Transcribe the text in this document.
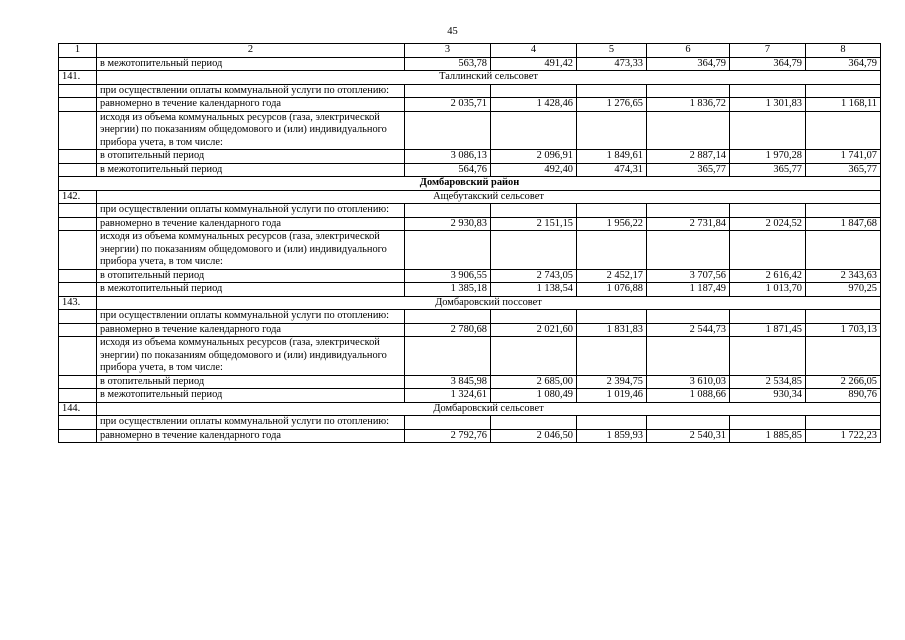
45
1	2	3	4	5	6	7	8
	в межотопительный период	563,78	491,42	473,33	364,79	364,79	364,79
141.	Таллинский сельсовет						
	при осуществлении оплаты коммунальной услуги по отоплению:						
	равномерно в течение календарного года	2 035,71	1 428,46	1 276,65	1 836,72	1 301,83	1 168,11
	исходя из объема коммунальных ресурсов (газа, электрической энергии) по показаниям общедомового и (или) индивидуального прибора учета, в том числе:						
	в отопительный период	3 086,13	2 096,91	1 849,61	2 887,14	1 970,28	1 741,07
	в межотопительный период	564,76	492,40	474,31	365,77	365,77	365,77
Домбаровский район							
142.	Ащебутакский сельсовет						
	при осуществлении оплаты коммунальной услуги по отоплению:						
	равномерно в течение календарного года	2 930,83	2 151,15	1 956,22	2 731,84	2 024,52	1 847,68
	исходя из объема коммунальных ресурсов (газа, электрической энергии) по показаниям общедомового и (или) индивидуального прибора учета, в том числе:						
	в отопительный период	3 906,55	2 743,05	2 452,17	3 707,56	2 616,42	2 343,63
	в межотопительный период	1 385,18	1 138,54	1 076,88	1 187,49	1 013,70	970,25
143.	Домбаровский поссовет						
	при осуществлении оплаты коммунальной услуги по отоплению:						
	равномерно в течение календарного года	2 780,68	2 021,60	1 831,83	2 544,73	1 871,45	1 703,13
	исходя из объема коммунальных ресурсов (газа, электрической энергии) по показаниям общедомового и (или) индивидуального прибора учета, в том числе:						
	в отопительный период	3 845,98	2 685,00	2 394,75	3 610,03	2 534,85	2 266,05
	в межотопительный период	1 324,61	1 080,49	1 019,46	1 088,66	930,34	890,76
144.	Домбаровский сельсовет						
	при осуществлении оплаты коммунальной услуги по отоплению:						
	равномерно в течение календарного года	2 792,76	2 046,50	1 859,93	2 540,31	1 885,85	1 722,23
